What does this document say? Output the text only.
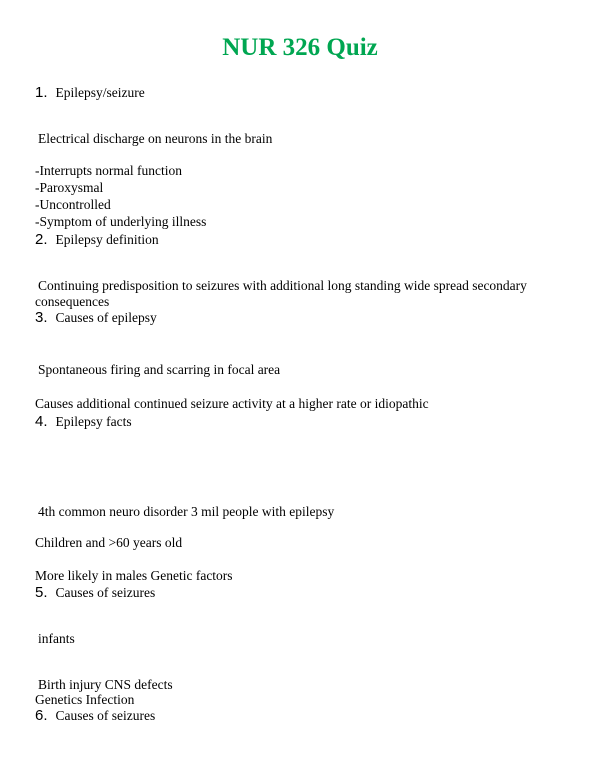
NUR 326 Quiz
1. Epilepsy/seizure
Electrical discharge on neurons in the brain
-Interrupts normal function
-Paroxysmal
-Uncontrolled
-Symptom of underlying illness
2. Epilepsy definition
Continuing predisposition to seizures with additional long standing wide spread secondary consequences
3. Causes of epilepsy
Spontaneous firing and scarring in focal area
Causes additional continued seizure activity at a higher rate or idiopathic
4. Epilepsy facts
4th common neuro disorder 3 mil people with epilepsy
Children and >60 years old
More likely in males Genetic factors
5. Causes of seizures
infants
Birth injury CNS defects
Genetics Infection
6. Causes of seizures
